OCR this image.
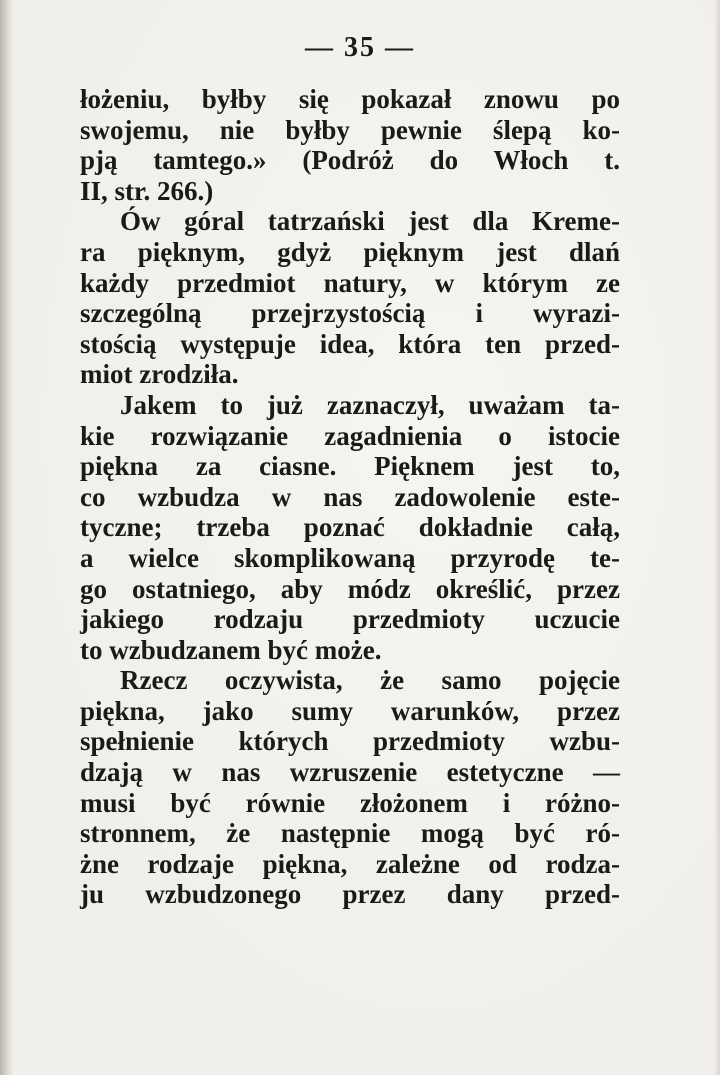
— 35 —
łożeniu, byłby się pokazał znowu po
swojemu, nie byłby pewnie ślepą ko-
pją tamtego.» (Podróż do Włoch t.
II, str. 266.)
Ów góral tatrzański jest dla Kreme-
ra pięknym, gdyż pięknym jest dlań
każdy przedmiot natury, w którym ze
szczególną przejrzystością i wyrazi-
stością występuje idea, która ten przed-
miot zrodziła.
Jakem to już zaznaczył, uważam ta-
kie rozwiązanie zagadnienia o istocie
piękna za ciasne. Pięknem jest to,
co wzbudza w nas zadowolenie este-
tyczne; trzeba poznać dokładnie całą,
a wielce skomplikowaną przyrodę te-
go ostatniego, aby módz określić, przez
jakiego rodzaju przedmioty uczucie
to wzbudzanem być może.
Rzecz oczywista, że samo pojęcie
piękna, jako sumy warunków, przez
spełnienie których przedmioty wzbu-
dzają w nas wzruszenie estetyczne —
musi być równie złożonem i różno-
stronnem, że następnie mogą być ró-
żne rodzaje piękna, zależne od rodza-
ju wzbudzonego przez dany przed-
